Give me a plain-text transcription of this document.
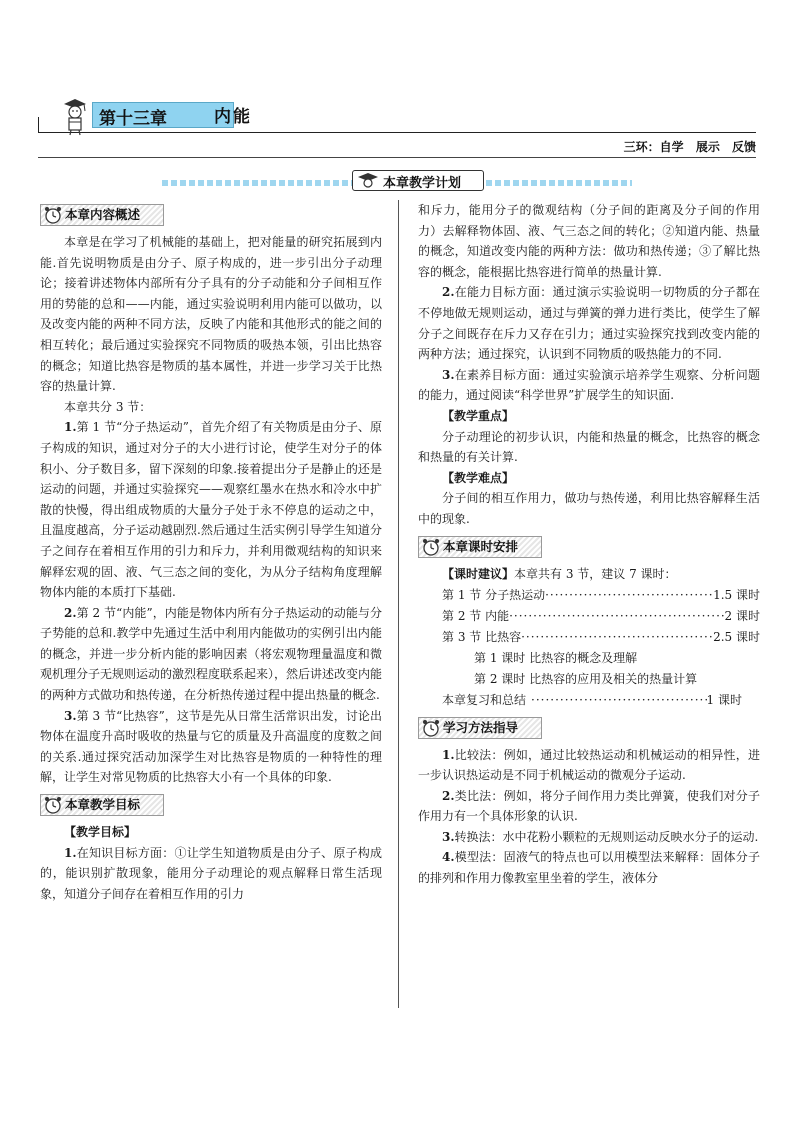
第十三章	内能
三环：自学 展示 反馈
本章教学计划
本章内容概述

本章是在学习了机械能的基础上，把对能量的研究拓展到内能.首先说明物质是由分子、原子构成的，进一步引出分子动理论；接着讲述物体内部所有分子具有的分子动能和分子间相互作用的势能的总和——内能，通过实验说明利用内能可以做功，以及改变内能的两种不同方法，反映了内能和其他形式的能之间的相互转化；最后通过实验探究不同物质的吸热本领，引出比热容的概念；知道比热容是物质的基本属性，并进一步学习关于比热容的热量计算.

本章共分 3 节：

1.第 1 节“分子热运动”，首先介绍了有关物质是由分子、原子构成的知识，通过对分子的大小进行讨论，使学生对分子的体积小、分子数目多，留下深刻的印象.接着提出分子是静止的还是运动的问题，并通过实验探究——观察红墨水在热水和冷水中扩散的快慢，得出组成物质的大量分子处于永不停息的运动之中，且温度越高，分子运动越剧烈.然后通过生活实例引导学生知道分子之间存在着相互作用的引力和斥力，并利用微观结构的知识来解释宏观的固、液、气三态之间的变化，为从分子结构角度理解物体内能的本质打下基础.

2.第 2 节“内能”，内能是物体内所有分子热运动的动能与分子势能的总和.教学中先通过生活中利用内能做功的实例引出内能的概念，并进一步分析内能的影响因素（将宏观物理量温度和微观机理分子无规则运动的激烈程度联系起来），然后讲述改变内能的两种方式做功和热传递，在分析热传递过程中提出热量的概念.

3.第 3 节“比热容”，这节是先从日常生活常识出发，讨论出物体在温度升高时吸收的热量与它的质量及升高温度的度数之间的关系.通过探究活动加深学生对比热容是物质的一种特性的理解，让学生对常见物质的比热容大小有一个具体的印象.

本章教学目标

【教学目标】

1.在知识目标方面：①让学生知道物质是由分子、原子构成的，能识别扩散现象，能用分子动理论的观点解释日常生活现象，知道分子间存在着相互作用的引力

和斥力，能用分子的微观结构（分子间的距离及分子间的作用力）去解释物体固、液、气三态之间的转化；②知道内能、热量的概念，知道改变内能的两种方法：做功和热传递；③了解比热容的概念，能根据比热容进行简单的热量计算.

2.在能力目标方面：通过演示实验说明一切物质的分子都在不停地做无规则运动，通过与弹簧的弹力进行类比，使学生了解分子之间既存在斥力又存在引力；通过实验探究找到改变内能的两种方法；通过探究，认识到不同物质的吸热能力的不同.

3.在素养目标方面：通过实验演示培养学生观察、分析问题的能力，通过阅读“科学世界”扩展学生的知识面.

【教学重点】

分子动理论的初步认识，内能和热量的概念，比热容的概念和热量的有关计算.

【教学难点】

分子间的相互作用力，做功与热传递，利用比热容解释生活中的现象.

本章课时安排

【课时建议】本章共有 3 节，建议 7 课时：

第 1 节 分子热运动 ·····	1.5 课时
第 2 节 内能 ·····	2 课时
第 3 节 比热容 ·····	2.5 课时
第 1 课时 比热容的概念及理解
第 2 课时 比热容的应用及相关的热量计算
本章复习和总结 ·····	1 课时
学习方法指导

1.比较法：例如，通过比较热运动和机械运动的相异性，进一步认识热运动是不同于机械运动的微观分子运动.

2.类比法：例如，将分子间作用力类比弹簧，使我们对分子作用力有一个具体形象的认识.

3.转换法：水中花粉小颗粒的无规则运动反映水分子的运动.

4.模型法：固液气的特点也可以用模型法来解释：固体分子的排列和作用力像教室里坐着的学生，液体分
